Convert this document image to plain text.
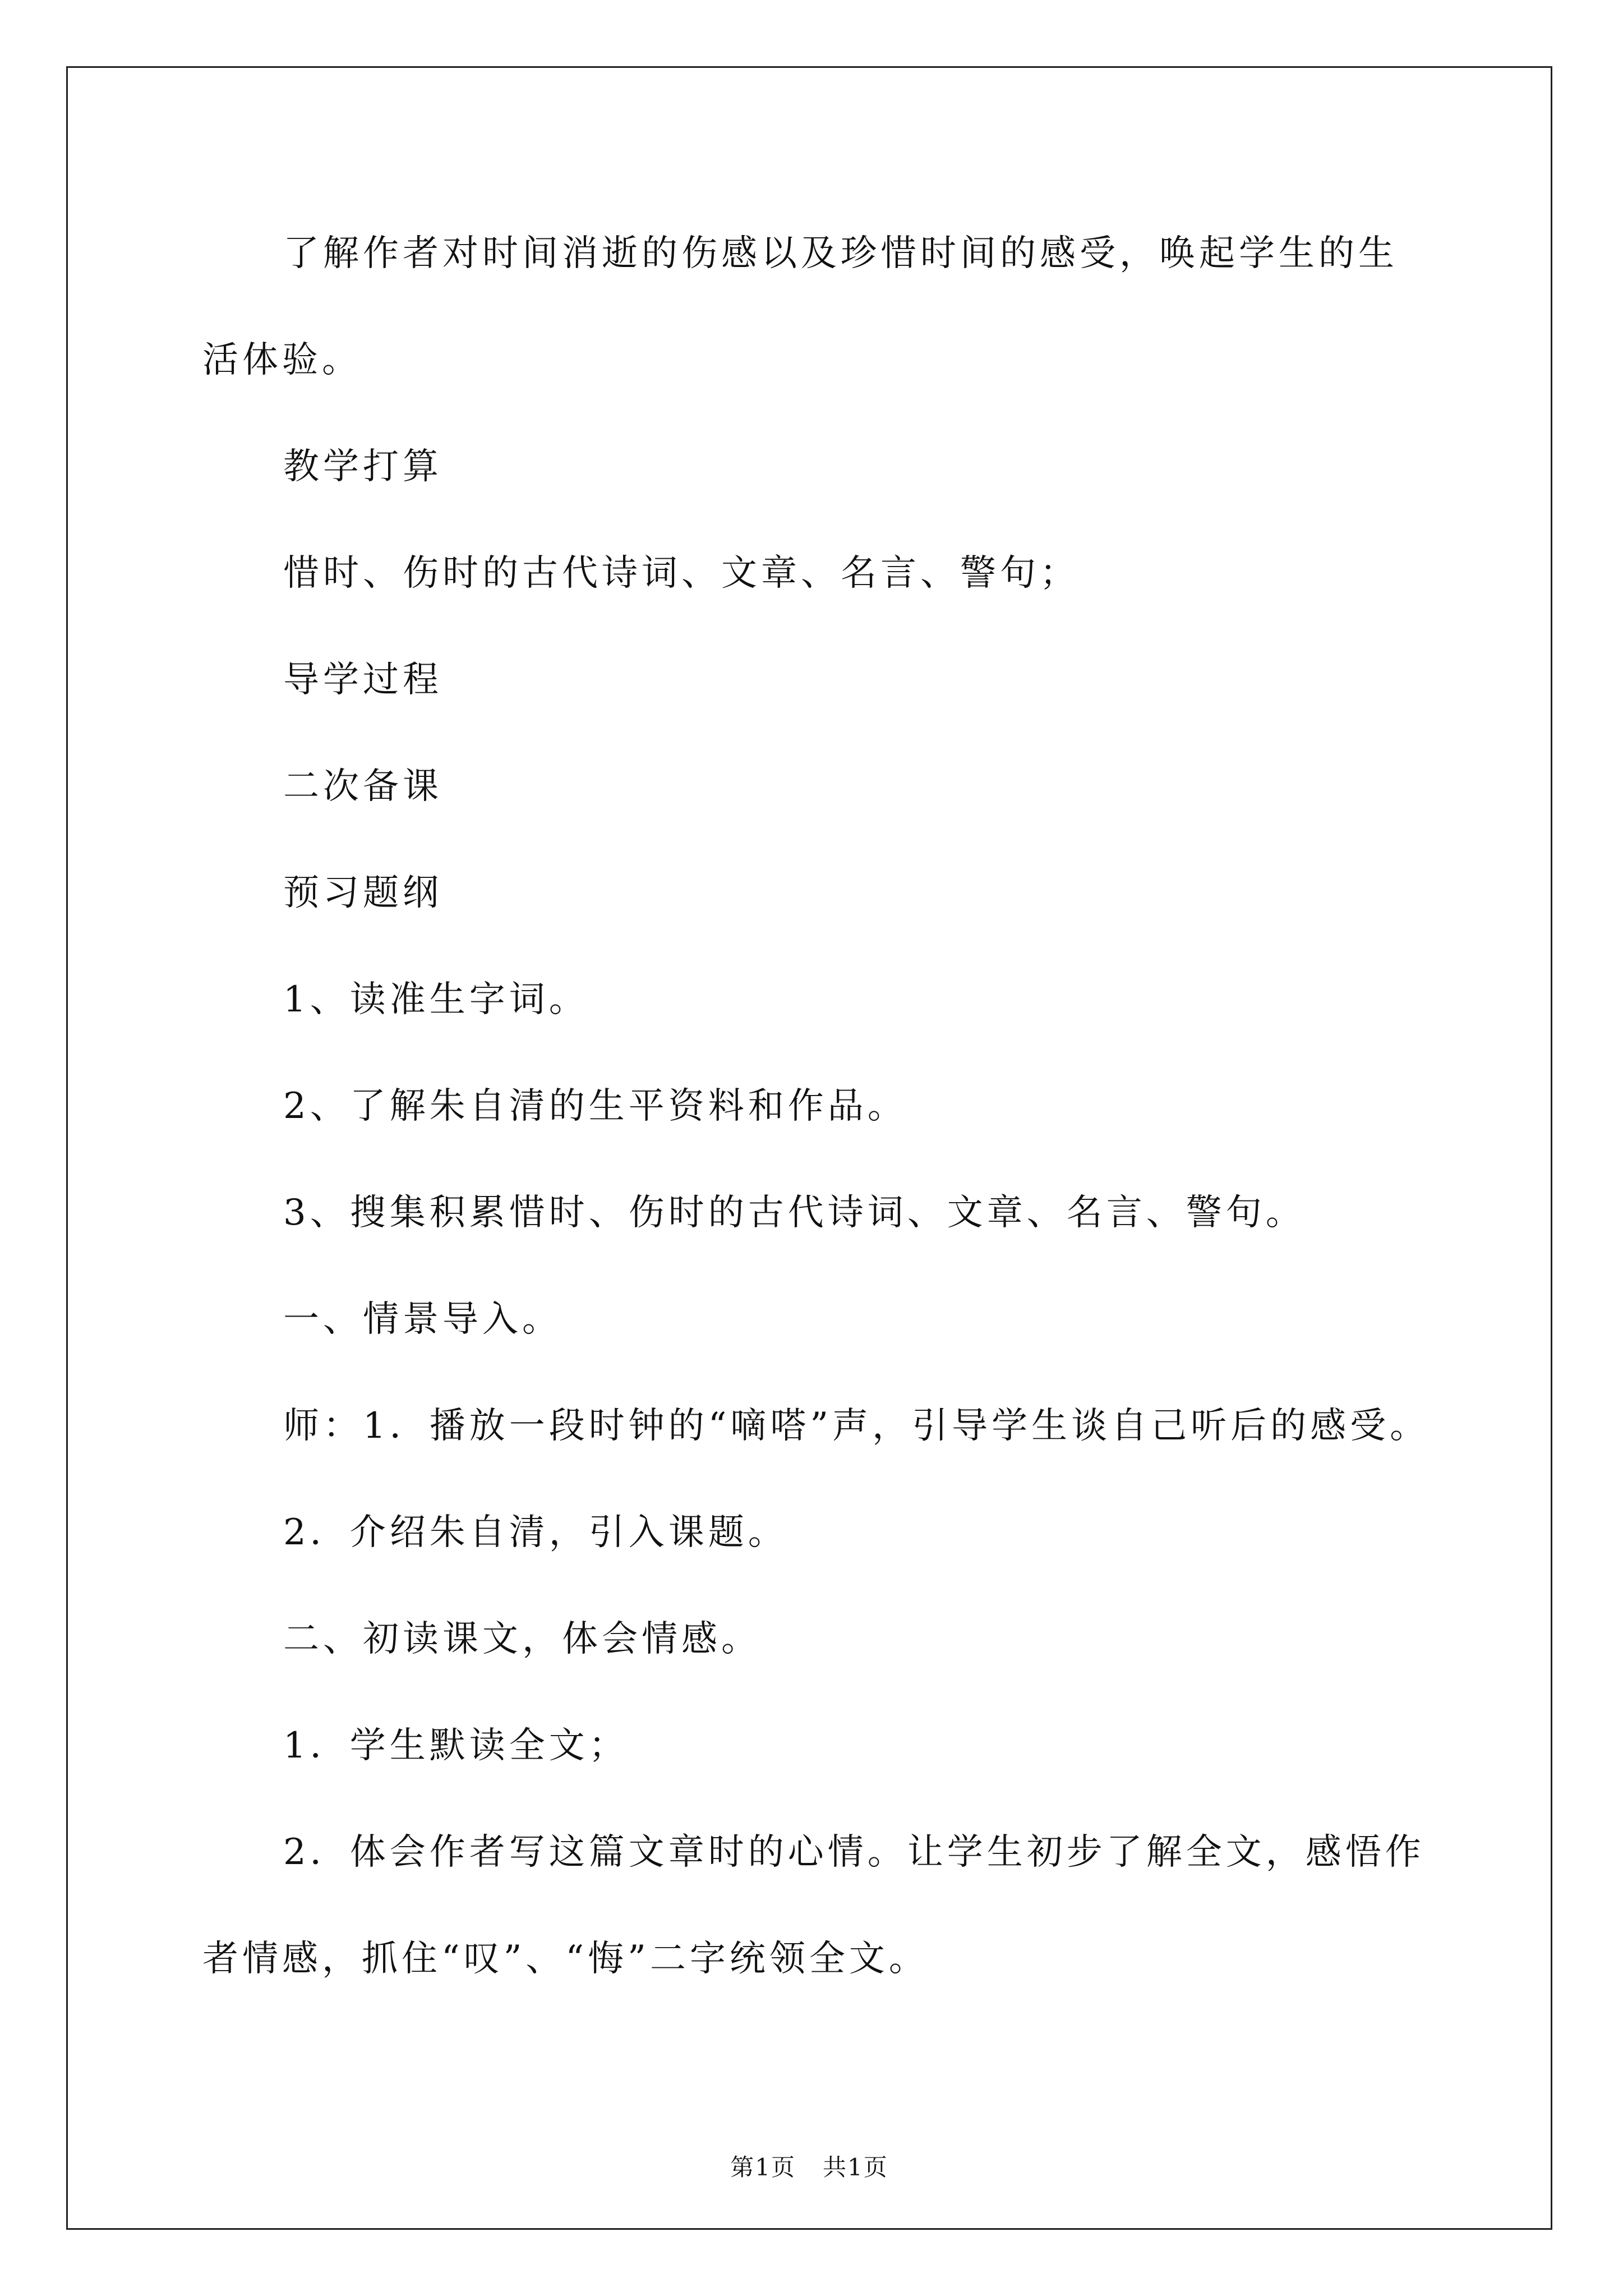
了解作者对时间消逝的伤感以及珍惜时间的感受，唤起学生的生
活体验。
教学打算
惜时、伤时的古代诗词、文章、名言、警句；
导学过程
二次备课
预习题纲
1、读准生字词。
2、了解朱自清的生平资料和作品。
3、搜集积累惜时、伤时的古代诗词、文章、名言、警句。
一、情景导入。
师：1．播放一段时钟的“嘀嗒”声，引导学生谈自己听后的感受。
2．介绍朱自清，引入课题。
二、初读课文，体会情感。
1．学生默读全文；
2．体会作者写这篇文章时的心情。让学生初步了解全文，感悟作
者情感，抓住“叹”、“悔”二字统领全文。
第1页 共1页
